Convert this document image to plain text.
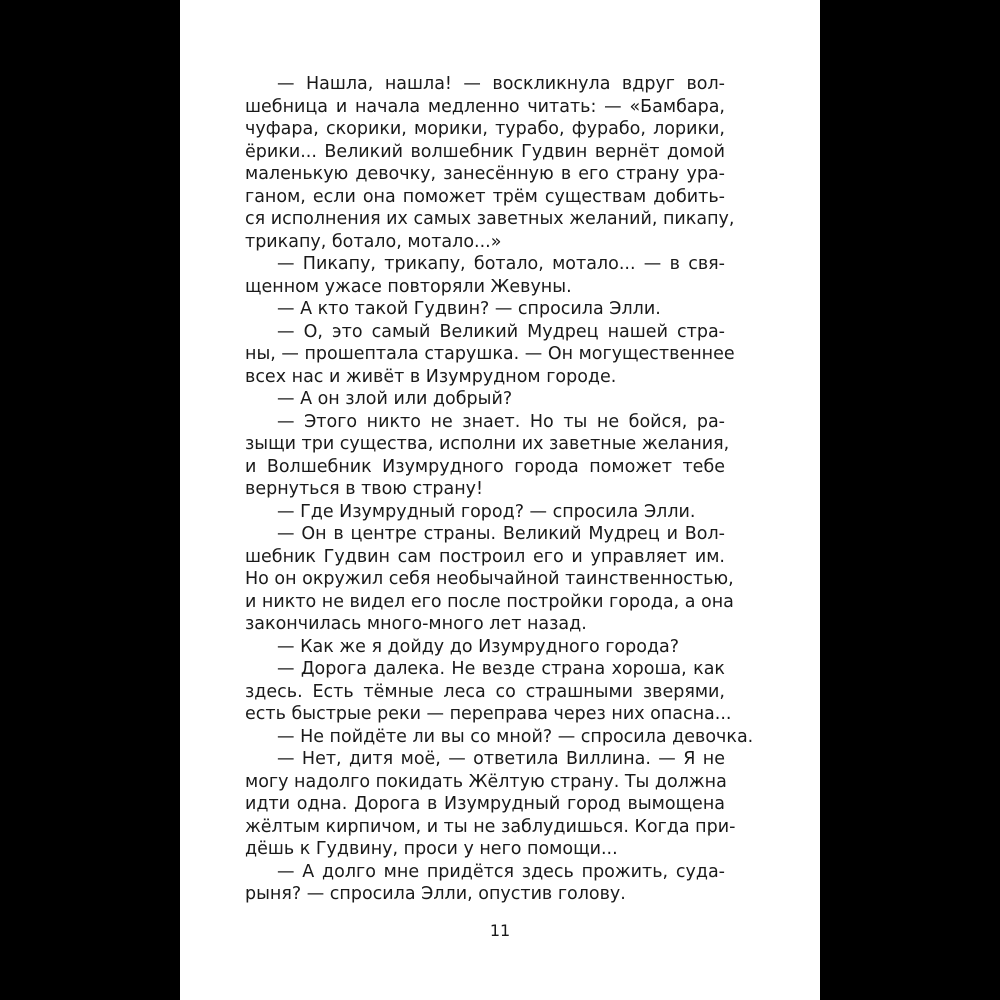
— Нашла, нашла! — воскликнула вдруг вол-
шебница и начала медленно читать: — «Бамбара,
чуфара, скорики, морики, турабо, фурабо, лорики,
ёрики... Великий волшебник Гудвин вернёт домой
маленькую девочку, занесённую в его страну ура-
ганом, если она поможет трём существам добить-
ся исполнения их самых заветных желаний, пикапу,
трикапу, ботало, мотало...»
— Пикапу, трикапу, ботало, мотало... — в свя-
щенном ужасе повторяли Жевуны.
— А кто такой Гудвин? — спросила Элли.
— О, это самый Великий Мудрец нашей стра-
ны, — прошептала старушка. — Он могущественнее
всех нас и живёт в Изумрудном городе.
— А он злой или добрый?
— Этого никто не знает. Но ты не бойся, ра-
зыщи три существа, исполни их заветные желания,
и Волшебник Изумрудного города поможет тебе
вернуться в твою страну!
— Где Изумрудный город? — спросила Элли.
— Он в центре страны. Великий Мудрец и Вол-
шебник Гудвин сам построил его и управляет им.
Но он окружил себя необычайной таинственностью,
и никто не видел его после постройки города, а она
закончилась много-много лет назад.
— Как же я дойду до Изумрудного города?
— Дорога далека. Не везде страна хороша, как
здесь. Есть тёмные леса со страшными зверями,
есть быстрые реки — переправа через них опасна...
— Не пойдёте ли вы со мной? — спросила девочка.
— Нет, дитя моё, — ответила Виллина. — Я не
могу надолго покидать Жёлтую страну. Ты должна
идти одна. Дорога в Изумрудный город вымощена
жёлтым кирпичом, и ты не заблудишься. Когда при-
дёшь к Гудвину, проси у него помощи...
— А долго мне придётся здесь прожить, суда-
рыня? — спросила Элли, опустив голову.
11
